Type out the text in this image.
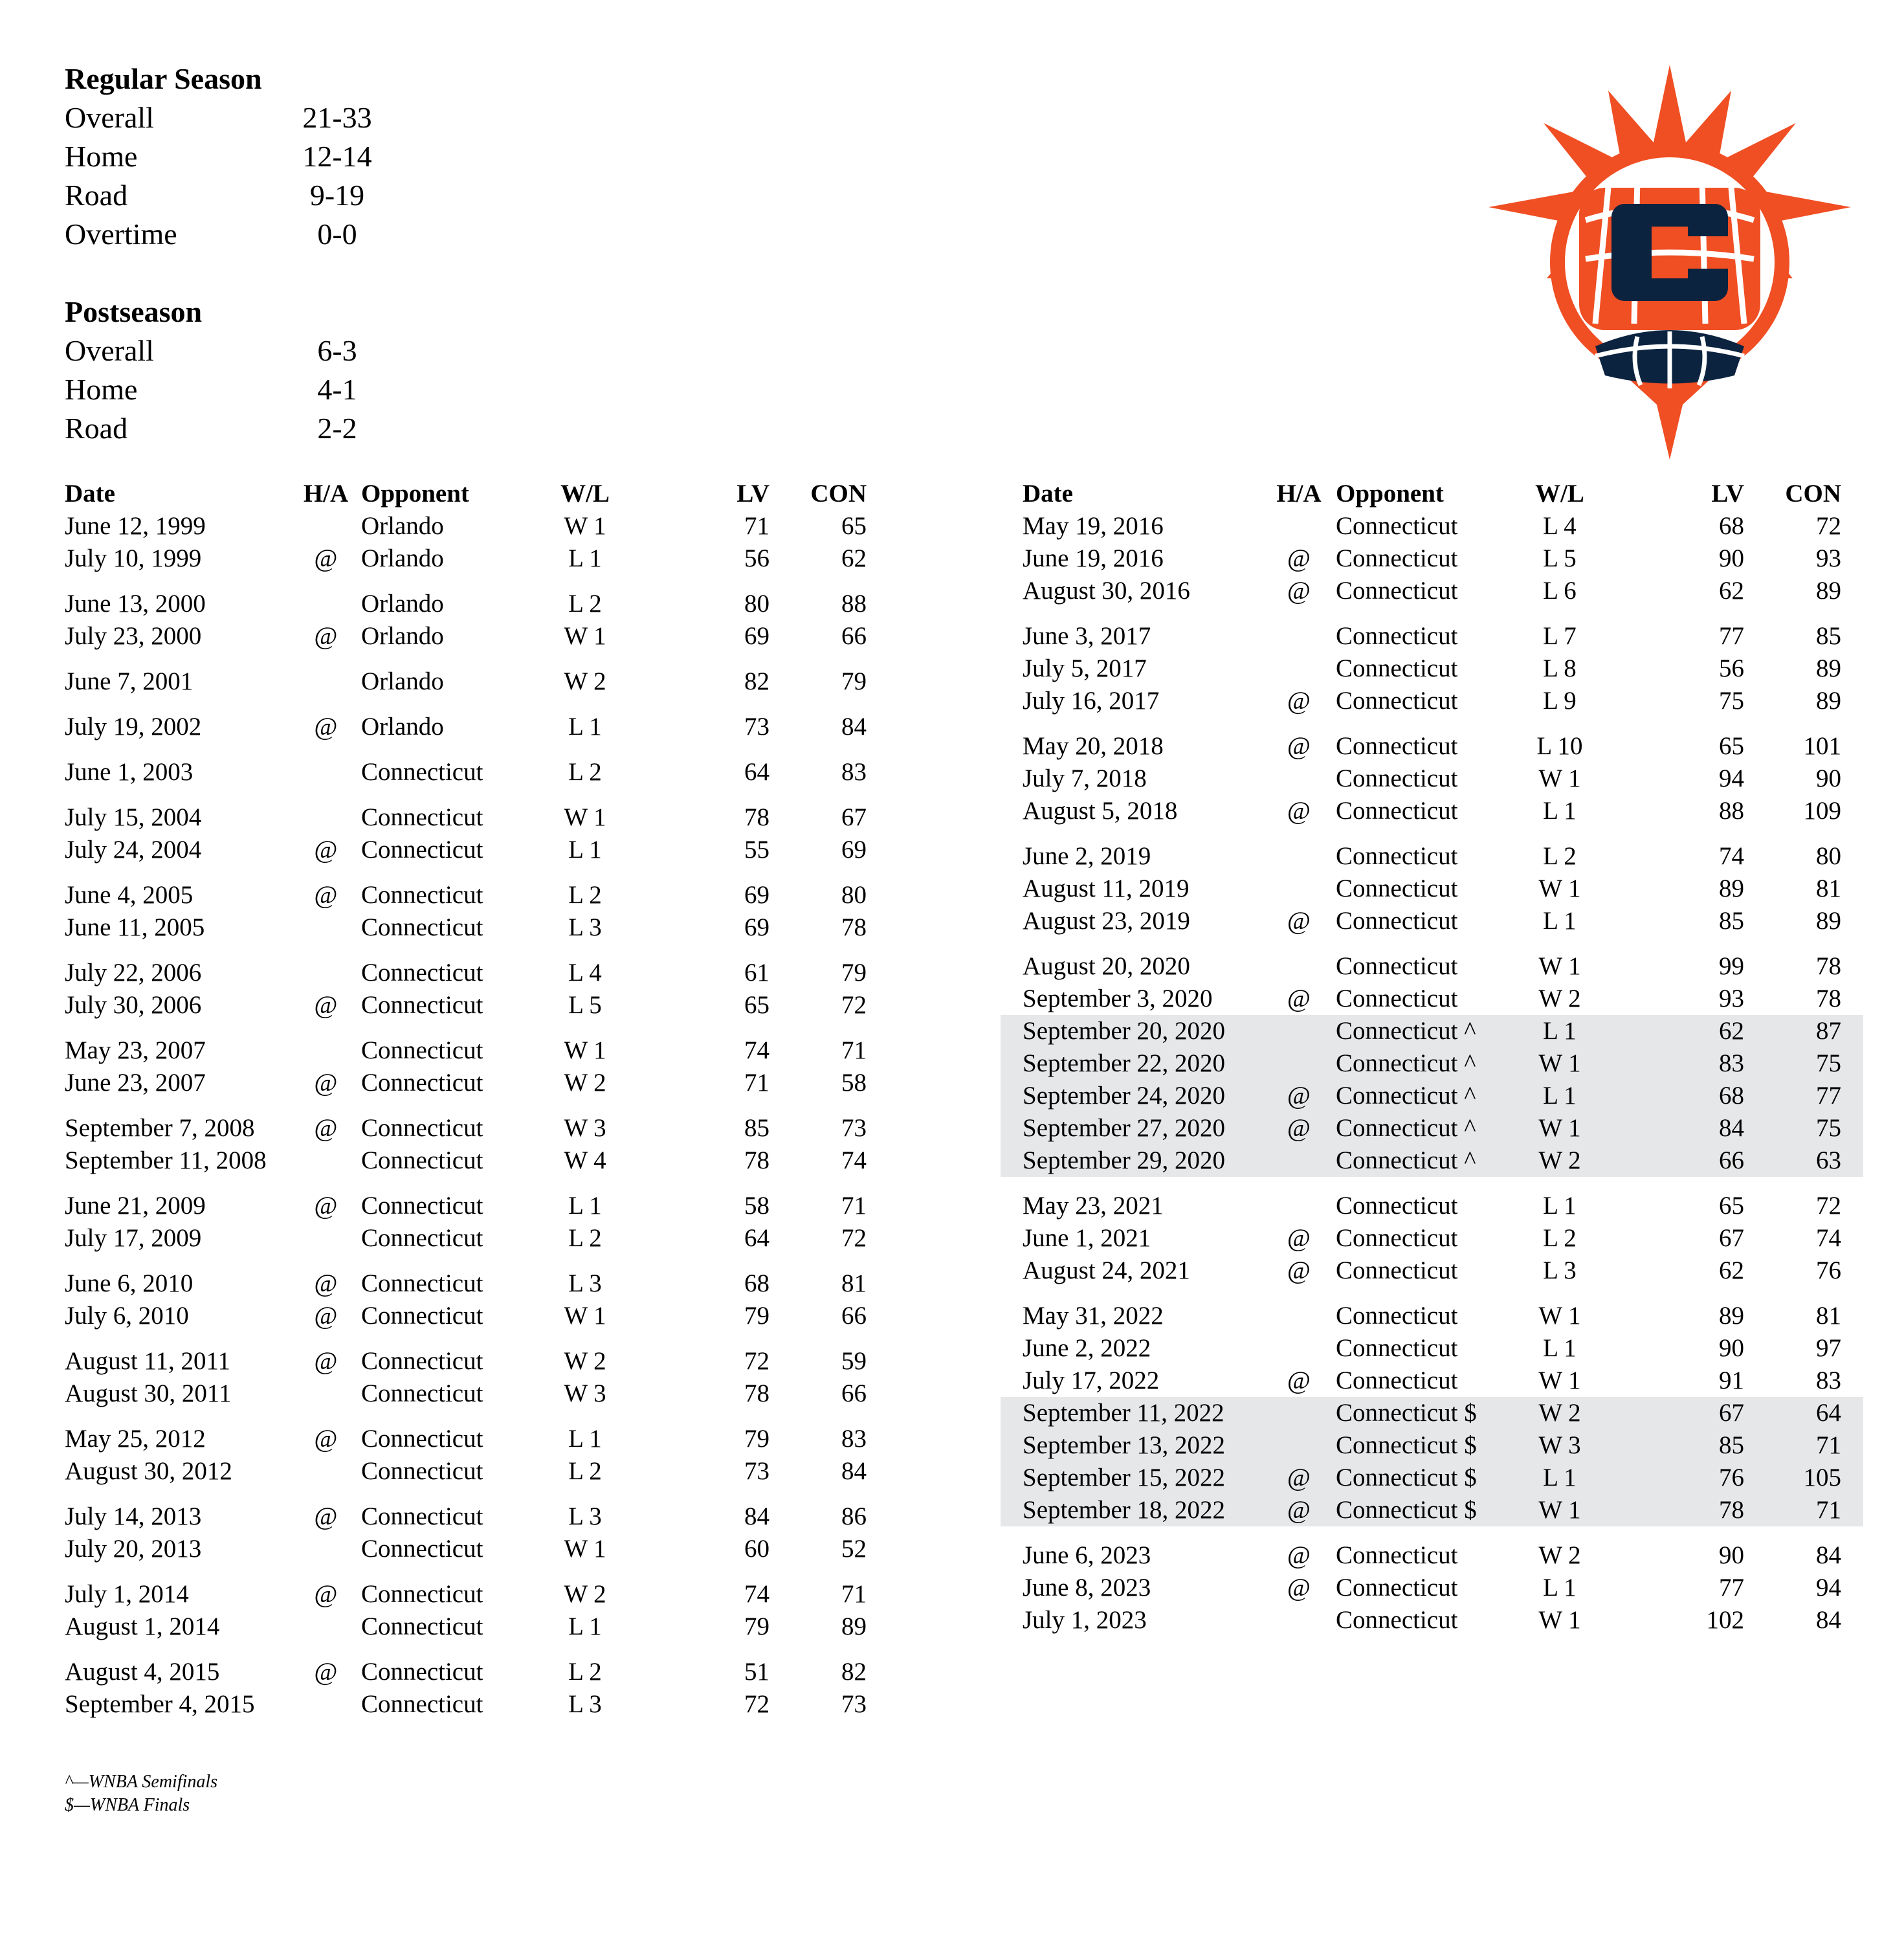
Regular Season
Overall	21-33
Home	12-14
Road	9-19
Overtime	0-0
Postseason
Overall	6-3
Home	4-1
Road	2-2
Date	H/A Opponent	W/L	LV	CON
June 12, 1999	Orlando	W 1	71	65
July 10, 1999	@ Orlando	L 1	56	62
June 13, 2000	Orlando	L 2	80	88
July 23, 2000	@ Orlando	W 1	69	66
June 7, 2001	Orlando	W 2	82	79
July 19, 2002	@ Orlando	L 1	73	84
June 1, 2003	Connecticut	L 2	64	83
July 15, 2004	Connecticut	W 1	78	67
July 24, 2004	@ Connecticut	L 1	55	69
June 4, 2005	@ Connecticut	L 2	69	80
June 11, 2005	Connecticut	L 3	69	78
July 22, 2006	Connecticut	L 4	61	79
July 30, 2006	@ Connecticut	L 5	65	72
May 23, 2007	Connecticut	W 1	74	71
June 23, 2007	@ Connecticut	W 2	71	58
September 7, 2008	@ Connecticut	W 3	85	73
September 11, 2008	Connecticut	W 4	78	74
June 21, 2009	@ Connecticut	L 1	58	71
July 17, 2009	Connecticut	L 2	64	72
June 6, 2010	@ Connecticut	L 3	68	81
July 6, 2010	@ Connecticut	W 1	79	66
August 11, 2011	@ Connecticut	W 2	72	59
August 30, 2011	Connecticut	W 3	78	66
May 25, 2012	@ Connecticut	L 1	79	83
August 30, 2012	Connecticut	L 2	73	84
July 14, 2013	@ Connecticut	L 3	84	86
July 20, 2013	Connecticut	W 1	60	52
July 1, 2014	@ Connecticut	W 2	74	71
August 1, 2014	Connecticut	L 1	79	89
August 4, 2015	@ Connecticut	L 2	51	82
September 4, 2015	Connecticut	L 3	72	73
Date	H/A Opponent	W/L	LV	CON
May 19, 2016	Connecticut	L 4	68	72
June 19, 2016	@	Connecticut	L 5	90	93
August 30, 2016	@	Connecticut	L 6	62	89
June 3, 2017	Connecticut	L 7	77	85
July 5, 2017	Connecticut	L 8	56	89
July 16, 2017	@	Connecticut	L 9	75	89
May 20, 2018	@	Connecticut	L 10	65	101
July 7, 2018	Connecticut	W 1	94	90
August 5, 2018	@	Connecticut	L 1	88	109
June 2, 2019	Connecticut	L 2	74	80
August 11, 2019	Connecticut	W 1	89	81
August 23, 2019	@	Connecticut	L 1	85	89
August 20, 2020	Connecticut	W 1	99	78
September 3, 2020	@	Connecticut	W 2	93	78
September 20, 2020	Connecticut ^	L 1	62	87
September 22, 2020	Connecticut ^	W 1	83	75
September 24, 2020	@	Connecticut ^	L 1	68	77
September 27, 2020	@	Connecticut ^	W 1	84	75
September 29, 2020	Connecticut ^	W 2	66	63
May 23, 2021	Connecticut	L 1	65	72
June 1, 2021	@	Connecticut	L 2	67	74
August 24, 2021	@	Connecticut	L 3	62	76
May 31, 2022	Connecticut	W 1	89	81
June 2, 2022	Connecticut	L 1	90	97
July 17, 2022	@	Connecticut	W 1	91	83
September 11, 2022	Connecticut $	W 2	67	64
September 13, 2022	Connecticut $	W 3	85	71
September 15, 2022	@	Connecticut $	L 1	76	105
September 18, 2022	@	Connecticut $	W 1	78	71
June 6, 2023	@	Connecticut	W 2	90	84
June 8, 2023	@	Connecticut	L 1	77	94
July 1, 2023	Connecticut	W 1	102	84
^—WNBA Semifinals
$—WNBA Finals
